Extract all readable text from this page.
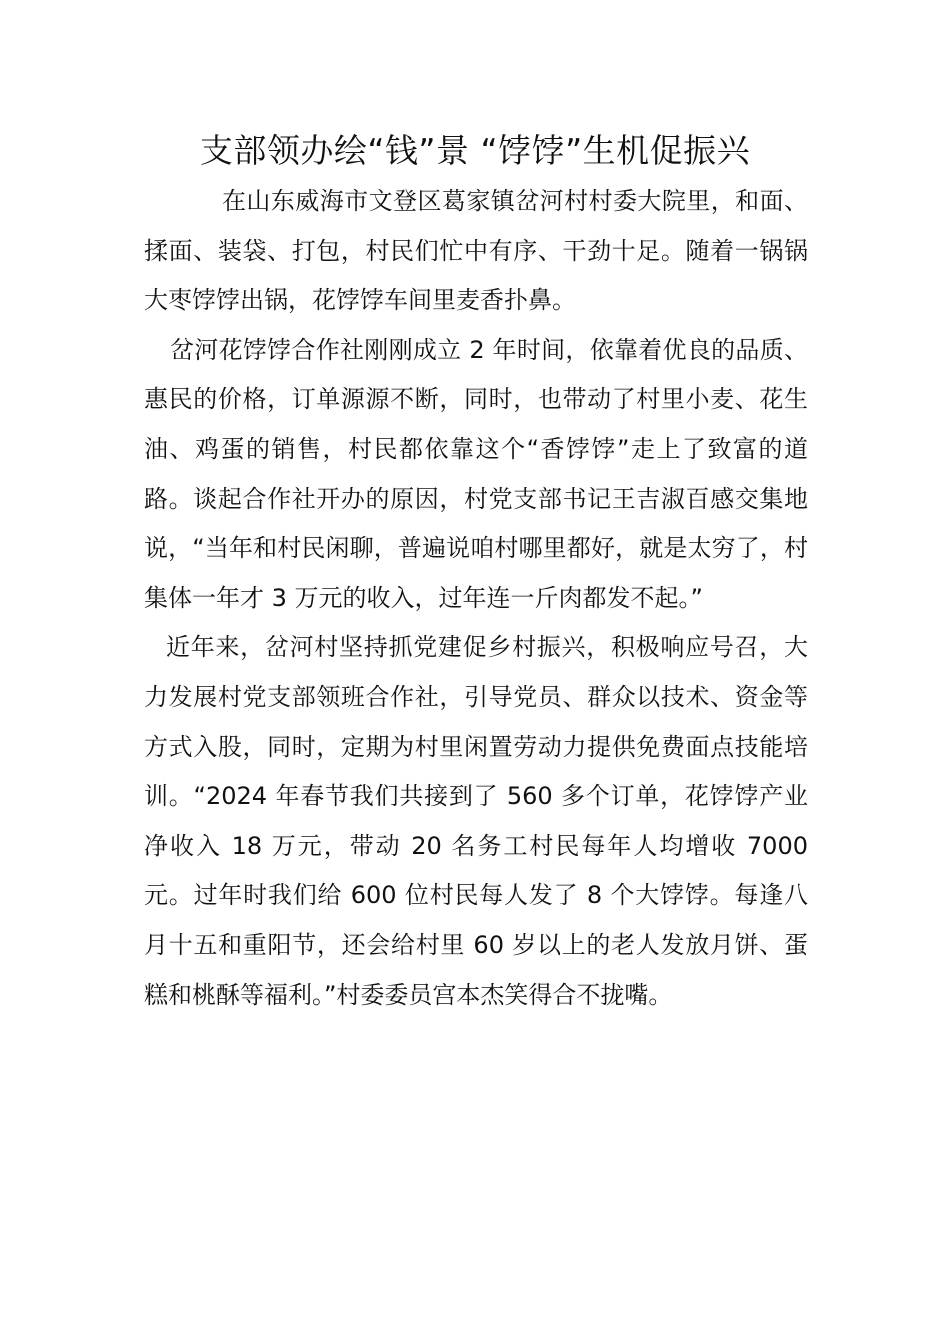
支部领办绘“钱”景 “饽饽”生机促振兴

在山东威海市文登区葛家镇岔河村村委大院里，和面、揉面、装袋、打包，村民们忙中有序、干劲十足。随着一锅锅大枣饽饽出锅，花饽饽车间里麦香扑鼻。

岔河花饽饽合作社刚刚成立 2 年时间，依靠着优良的品质、惠民的价格，订单源源不断，同时，也带动了村里小麦、花生油、鸡蛋的销售，村民都依靠这个“香饽饽”走上了致富的道路。谈起合作社开办的原因，村党支部书记王吉淑百感交集地说，“当年和村民闲聊，普遍说咱村哪里都好，就是太穷了，村集体一年才 3 万元的收入，过年连一斤肉都发不起。”

近年来，岔河村坚持抓党建促乡村振兴，积极响应号召，大力发展村党支部领班合作社，引导党员、群众以技术、资金等方式入股，同时，定期为村里闲置劳动力提供免费面点技能培训。“2024 年春节我们共接到了 560 多个订单，花饽饽产业净收入 18 万元，带动 20 名务工村民每年人均增收 7000 元。过年时我们给 600 位村民每人发了 8 个大饽饽。每逢八月十五和重阳节，还会给村里 60 岁以上的老人发放月饼、蛋糕和桃酥等福利。”村委委员宫本杰笑得合不拢嘴。
